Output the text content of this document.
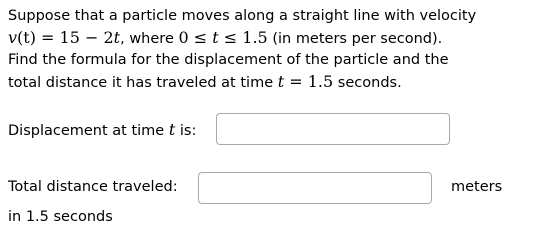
Suppose that a particle moves along a straight line with velocity
v(t) = 15 − 2t, where 0 ≤ t ≤ 1.5 (in meters per second).
Find the formula for the displacement of the particle and the
total distance it has traveled at time t = 1.5 seconds.
Displacement at time t is:
Total distance traveled:	meters
in 1.5 seconds
